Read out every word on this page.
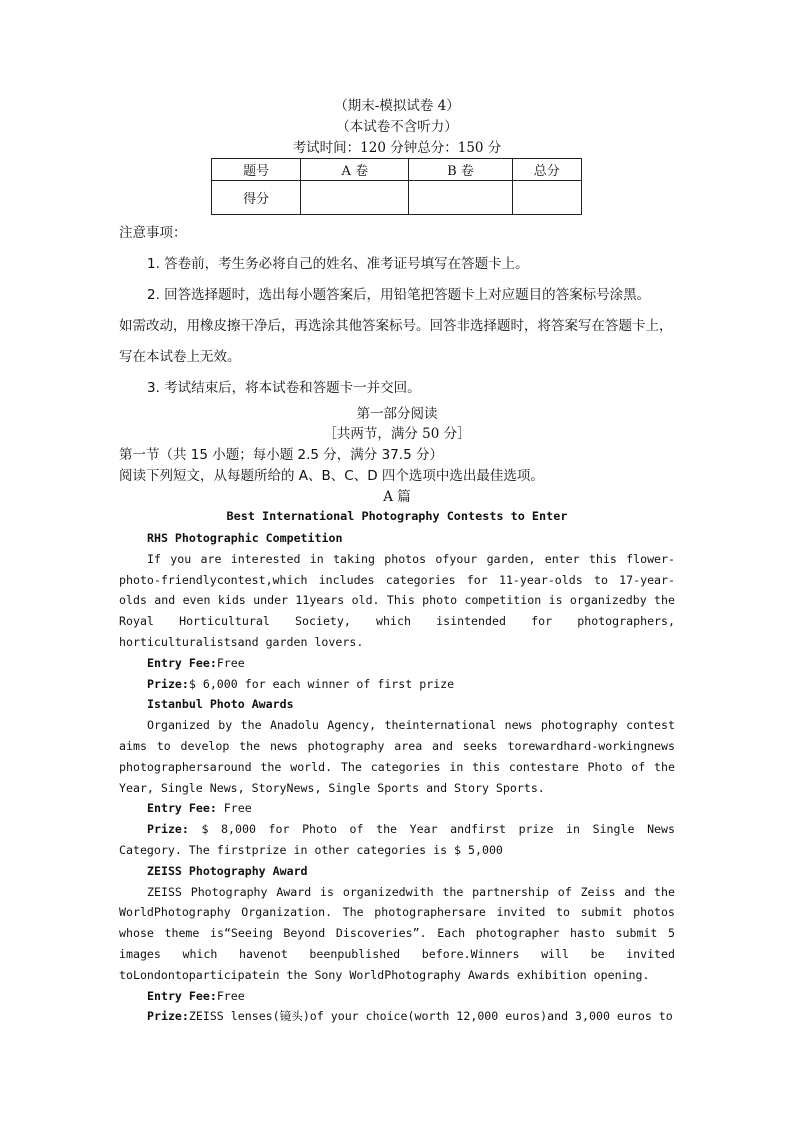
（期末-模拟试卷 4）
（本试卷不含听力）
考试时间：120 分钟总分：150 分
题号	A 卷	B 卷	总分
得分			
注意事项：
1. 答卷前，考生务必将自己的姓名、准考证号填写在答题卡上。
2. 回答选择题时，选出每小题答案后，用铅笔把答题卡上对应题目的答案标号涂黑。
如需改动，用橡皮擦干净后，再选涂其他答案标号。回答非选择题时，将答案写在答题卡上，
写在本试卷上无效。
3. 考试结束后，将本试卷和答题卡一并交回。
第一部分阅读
［共两节，满分 50 分］
第一节（共 15 小题；每小题 2.5 分，满分 37.5 分）
阅读下列短文，从每题所给的 A、B、C、D 四个选项中选出最佳选项。
A 篇
Best International Photography Contests to Enter

RHS Photographic Competition

If you are interested in taking photos ofyour garden, enter this flower-photo-friendlycontest,which includes categories for 11-year-olds to 17-year-olds and even kids under 11years old. This photo competition is organizedby the Royal Horticultural Society, which isintended for photographers, horticulturalistsand garden lovers.

Entry Fee:Free

Prize:$ 6,000 for each winner of first prize

Istanbul Photo Awards

Organized by the Anadolu Agency, theinternational news photography contest aims to develop the news photography area and seeks torewardhard-workingnews photographersaround the world. The categories in this contestare Photo of the Year, Single News, StoryNews, Single Sports and Story Sports.

Entry Fee: Free

Prize: $ 8,000 for Photo of the Year andfirst prize in Single News Category. The firstprize in other categories is $ 5,000

ZEISS Photography Award

ZEISS Photography Award is organizedwith the partnership of Zeiss and the WorldPhotography Organization. The photographersare invited to submit photos whose theme is“Seeing Beyond Discoveries”. Each photographer hasto submit 5 images which havenot beenpublished before.Winners will be invited toLondontoparticipatein the Sony WorldPhotography Awards exhibition opening.

Entry Fee:Free

Prize:ZEISS lenses(镜头)of your choice(worth 12,000 euros)and 3,000 euros to
